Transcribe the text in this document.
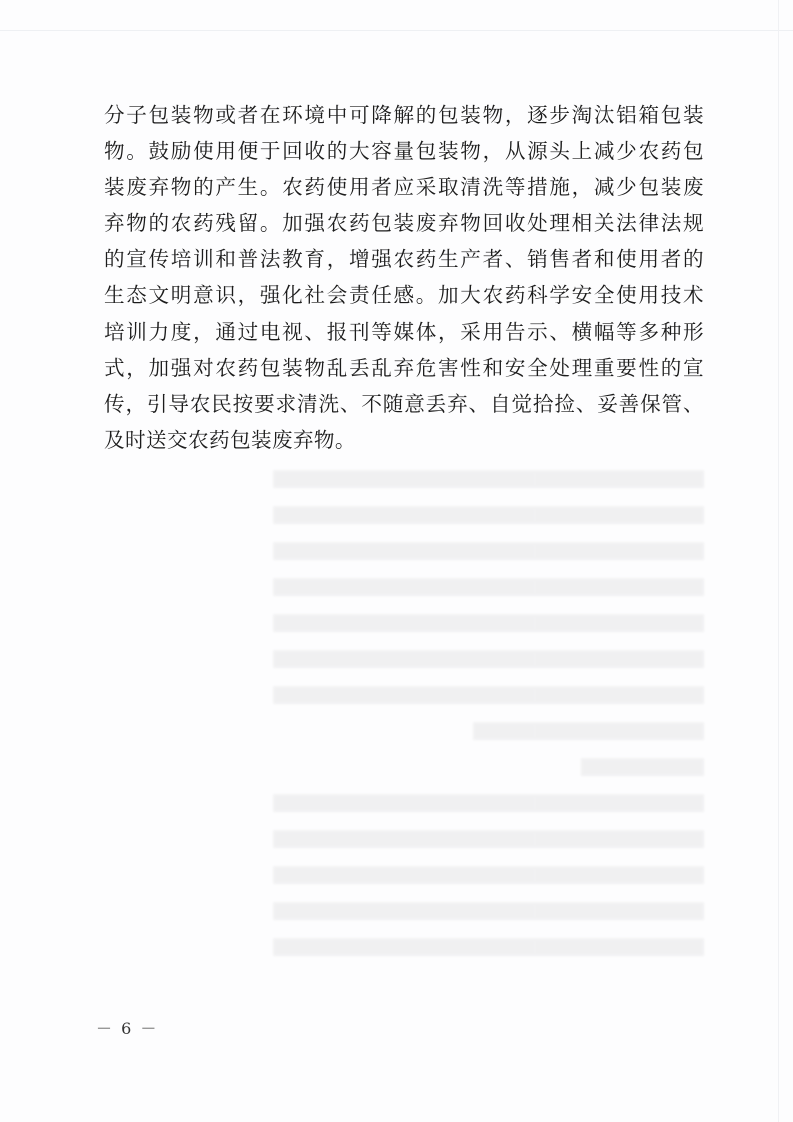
分子包装物或者在环境中可降解的包装物，逐步淘汰铝箱包装
物。鼓励使用便于回收的大容量包装物，从源头上减少农药包
装废弃物的产生。农药使用者应采取清洗等措施，减少包装废
弃物的农药残留。加强农药包装废弃物回收处理相关法律法规
的宣传培训和普法教育，增强农药生产者、销售者和使用者的
生态文明意识，强化社会责任感。加大农药科学安全使用技术
培训力度，通过电视、报刊等媒体，采用告示、横幅等多种形
式，加强对农药包装物乱丢乱弃危害性和安全处理重要性的宣
传，引导农民按要求清洗、不随意丢弃、自觉拾捡、妥善保管、
及时送交农药包装废弃物。
▆▆▆▆▆▆▆▆▆▆▆▆▆▆▆▆▆▆▆▆▆▆▆▆▆▆▆▆
▆▆▆▆▆▆▆▆▆▆▆▆▆▆▆▆▆▆▆▆▆▆▆▆▆▆▆▆
▆▆▆▆▆▆▆▆▆▆▆▆▆▆▆▆▆▆▆▆▆▆▆▆▆▆▆▆
▆▆▆▆▆▆▆▆▆▆▆▆▆▆▆▆▆▆▆▆▆▆▆▆▆▆▆▆
▆▆▆▆▆▆▆▆▆▆▆▆▆▆▆▆▆▆▆▆▆▆▆▆▆▆▆▆
▆▆▆▆▆▆▆▆▆▆▆▆▆▆▆▆▆▆▆▆▆▆▆▆▆▆▆▆
▆▆▆▆▆▆▆▆▆▆▆▆▆▆▆▆▆▆▆▆▆▆▆▆▆▆▆▆
▆▆▆▆▆▆▆▆▆▆▆▆▆▆▆
▆▆▆▆▆▆▆▆
▆▆▆▆▆▆▆▆▆▆▆▆▆▆▆▆▆▆▆▆▆▆▆▆▆▆▆▆
▆▆▆▆▆▆▆▆▆▆▆▆▆▆▆▆▆▆▆▆▆▆▆▆▆▆▆▆
▆▆▆▆▆▆▆▆▆▆▆▆▆▆▆▆▆▆▆▆▆▆▆▆▆▆▆▆
▆▆▆▆▆▆▆▆▆▆▆▆▆▆▆▆▆▆▆▆▆▆▆▆▆▆▆▆
▆▆▆▆▆▆▆▆▆▆▆▆▆▆▆▆▆▆▆▆▆▆▆▆▆▆▆▆
－ 6 －
